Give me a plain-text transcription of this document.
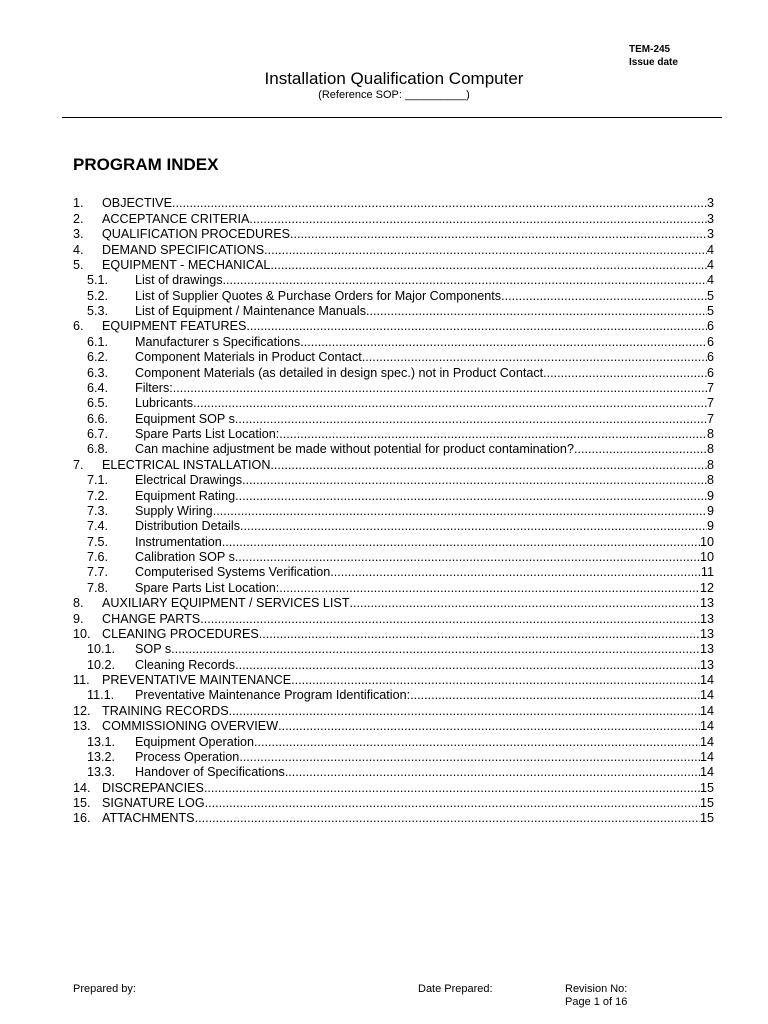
TEM-245
Issue date
Installation Qualification Computer
(Reference SOP: __________)
PROGRAM INDEX
1.	OBJECTIVE .....	3
2.	ACCEPTANCE CRITERIA .....	3
3.	QUALIFICATION PROCEDURES .....	3
4.	DEMAND SPECIFICATIONS .....	4
5.	EQUIPMENT - MECHANICAL .....	4
5.1.	List of drawings .....	4
5.2.	List of Supplier Quotes & Purchase Orders for Major Components .....	5
5.3.	List of Equipment / Maintenance Manuals. .....	5
6.	EQUIPMENT FEATURES .....	6
6.1.	Manufacturer s Specifications .....	6
6.2.	Component Materials in Product Contact .....	6
6.3.	Component Materials (as detailed in design spec.) not in Product Contact .....	6
6.4.	Filters: .....	7
6.5.	Lubricants .....	7
6.6.	Equipment SOP s .....	7
6.7.	Spare Parts List Location: .....	8
6.8.	Can machine adjustment be made without potential for product contamination? .....	8
7.	ELECTRICAL INSTALLATION .....	8
7.1.	Electrical Drawings .....	8
7.2.	Equipment Rating .....	9
7.3.	Supply Wiring .....	9
7.4.	Distribution Details .....	9
7.5.	Instrumentation .....	10
7.6.	Calibration SOP s .....	10
7.7.	Computerised Systems Verification .....	11
7.8.	Spare Parts List Location: .....	12
8.	AUXILIARY EQUIPMENT / SERVICES LIST .....	13
9.	CHANGE PARTS .....	13
10. CLEANING PROCEDURES .....	13
10.1.	SOP s .....	13
10.2.	Cleaning Records .....	13
11. PREVENTATIVE MAINTENANCE .....	14
11.1.	Preventative Maintenance Program Identification: .....	14
12. TRAINING RECORDS .....	14
13. COMMISSIONING OVERVIEW .....	14
13.1.	Equipment Operation .....	14
13.2.	Process Operation .....	14
13.3.	Handover of Specifications .....	14
14. DISCREPANCIES .....	15
15. SIGNATURE LOG .....	15
16. ATTACHMENTS .....	15
Prepared by:	Date Prepared:	Revision No:
Page 1 of 16
